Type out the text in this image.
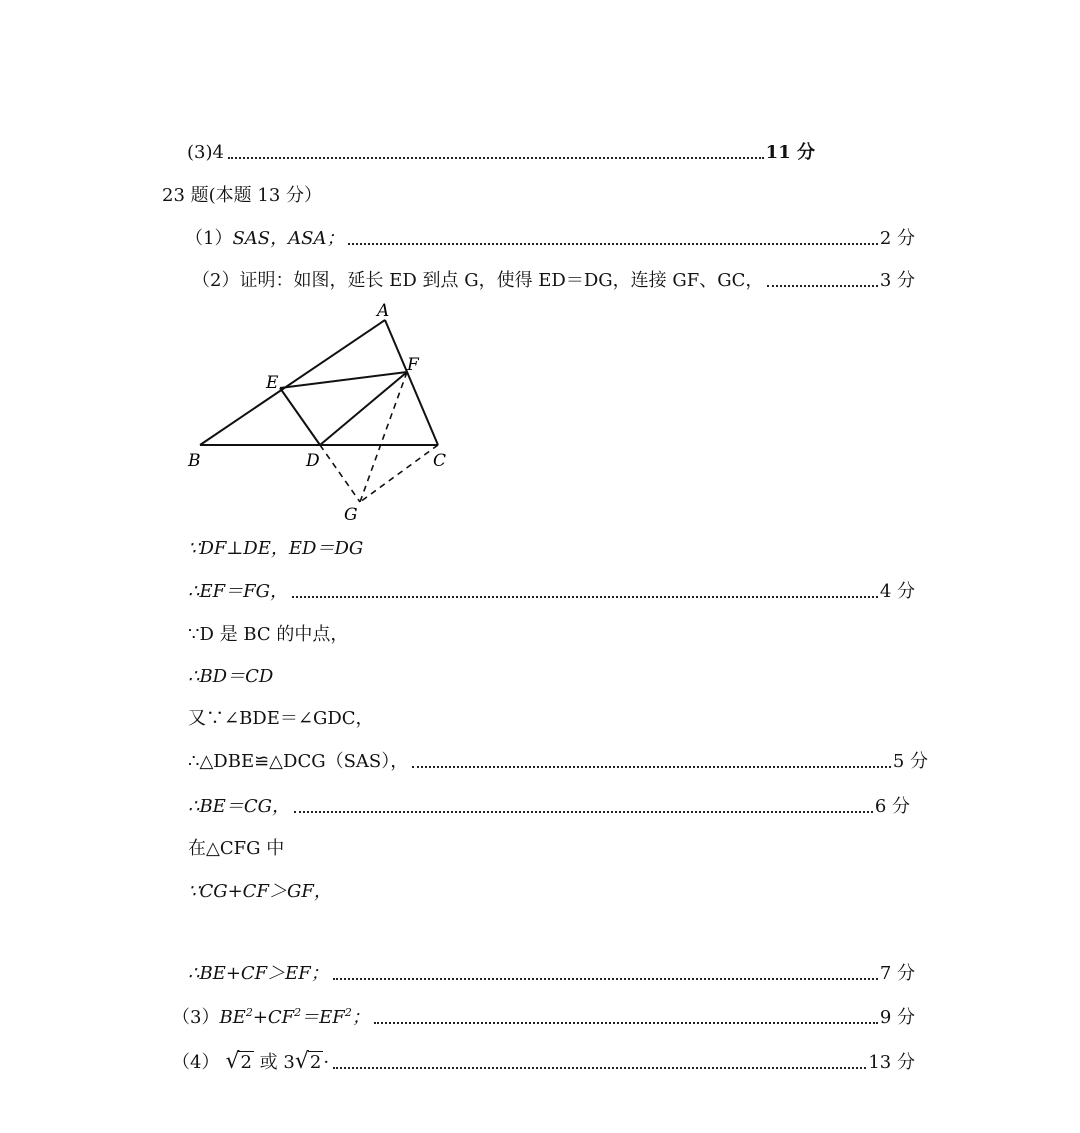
(3) 4	11 分
23 题(本题 13 分）
（1） SAS，ASA；	2 分
（2） 证明：如图，延长 ED 到点 G，使得 ED＝DG，连接 GF、GC，	3 分
A
B	C
D
E
F
G
∵DF⊥DE，ED＝DG
∴EF＝FG，	4 分
∵D 是 BC 的中点，
∴BD＝CD
又∵∠BDE＝∠GDC，
∴△DBE≌△DCG（SAS），	5 分
∴BE＝CG，	6 分
在△CFG 中
∵CG+CF＞GF，
∴BE+CF＞EF；	7 分
（3） $BE^2+CF^2=EF^2$；	9 分
（4） √2 或 3√2 ·	13 分
